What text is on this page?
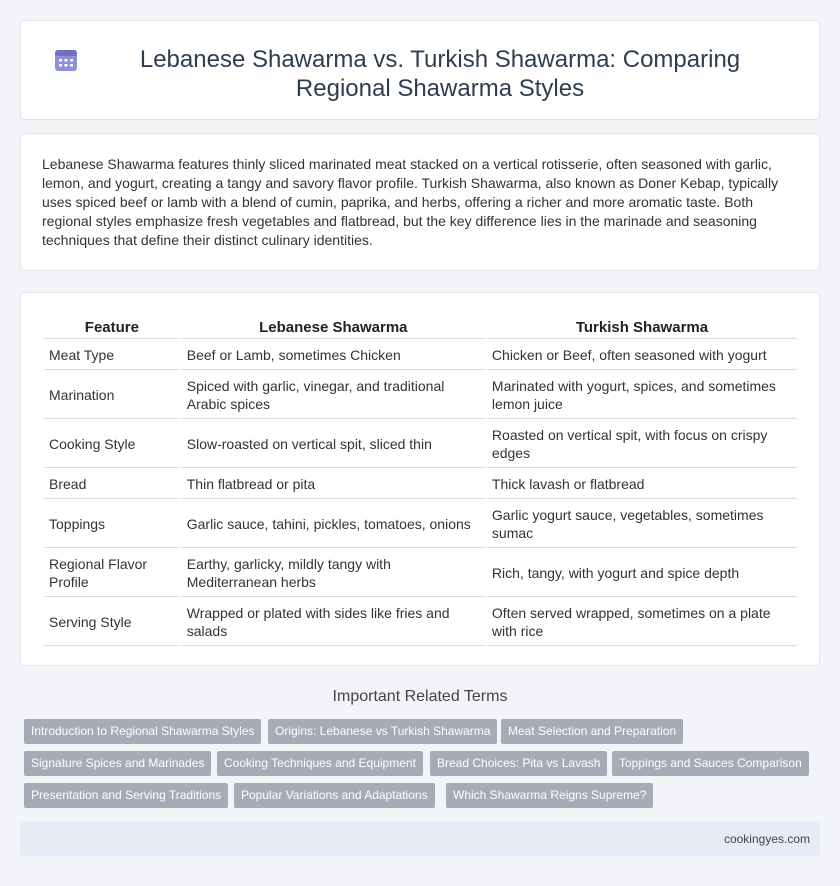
Lebanese Shawarma vs. Turkish Shawarma: Comparing Regional Shawarma Styles

Lebanese Shawarma features thinly sliced marinated meat stacked on a vertical rotisserie, often seasoned with garlic, lemon, and yogurt, creating a tangy and savory flavor profile. Turkish Shawarma, also known as Doner Kebap, typically uses spiced beef or lamb with a blend of cumin, paprika, and herbs, offering a richer and more aromatic taste. Both regional styles emphasize fresh vegetables and flatbread, but the key difference lies in the marinade and seasoning techniques that define their distinct culinary identities.

Feature	Lebanese Shawarma	Turkish Shawarma
Meat Type	Beef or Lamb, sometimes Chicken	Chicken or Beef, often seasoned with yogurt
Marination	Spiced with garlic, vinegar, and traditional Arabic spices	Marinated with yogurt, spices, and sometimes lemon juice
Cooking Style	Slow-roasted on vertical spit, sliced thin	Roasted on vertical spit, with focus on crispy edges
Bread	Thin flatbread or pita	Thick lavash or flatbread
Toppings	Garlic sauce, tahini, pickles, tomatoes, onions	Garlic yogurt sauce, vegetables, sometimes sumac
Regional Flavor Profile	Earthy, garlicky, mildly tangy with Mediterranean herbs	Rich, tangy, with yogurt and spice depth
Serving Style	Wrapped or plated with sides like fries and salads	Often served wrapped, sometimes on a plate with rice
Important Related Terms
Introduction to Regional Shawarma Styles	Origins: Lebanese vs Turkish Shawarma	Meat Selection and Preparation
Signature Spices and Marinades	Cooking Techniques and Equipment	Bread Choices: Pita vs Lavash	Toppings and Sauces Comparison
Presentation and Serving Traditions	Popular Variations and Adaptations	Which Shawarma Reigns Supreme?
cookingyes.com
